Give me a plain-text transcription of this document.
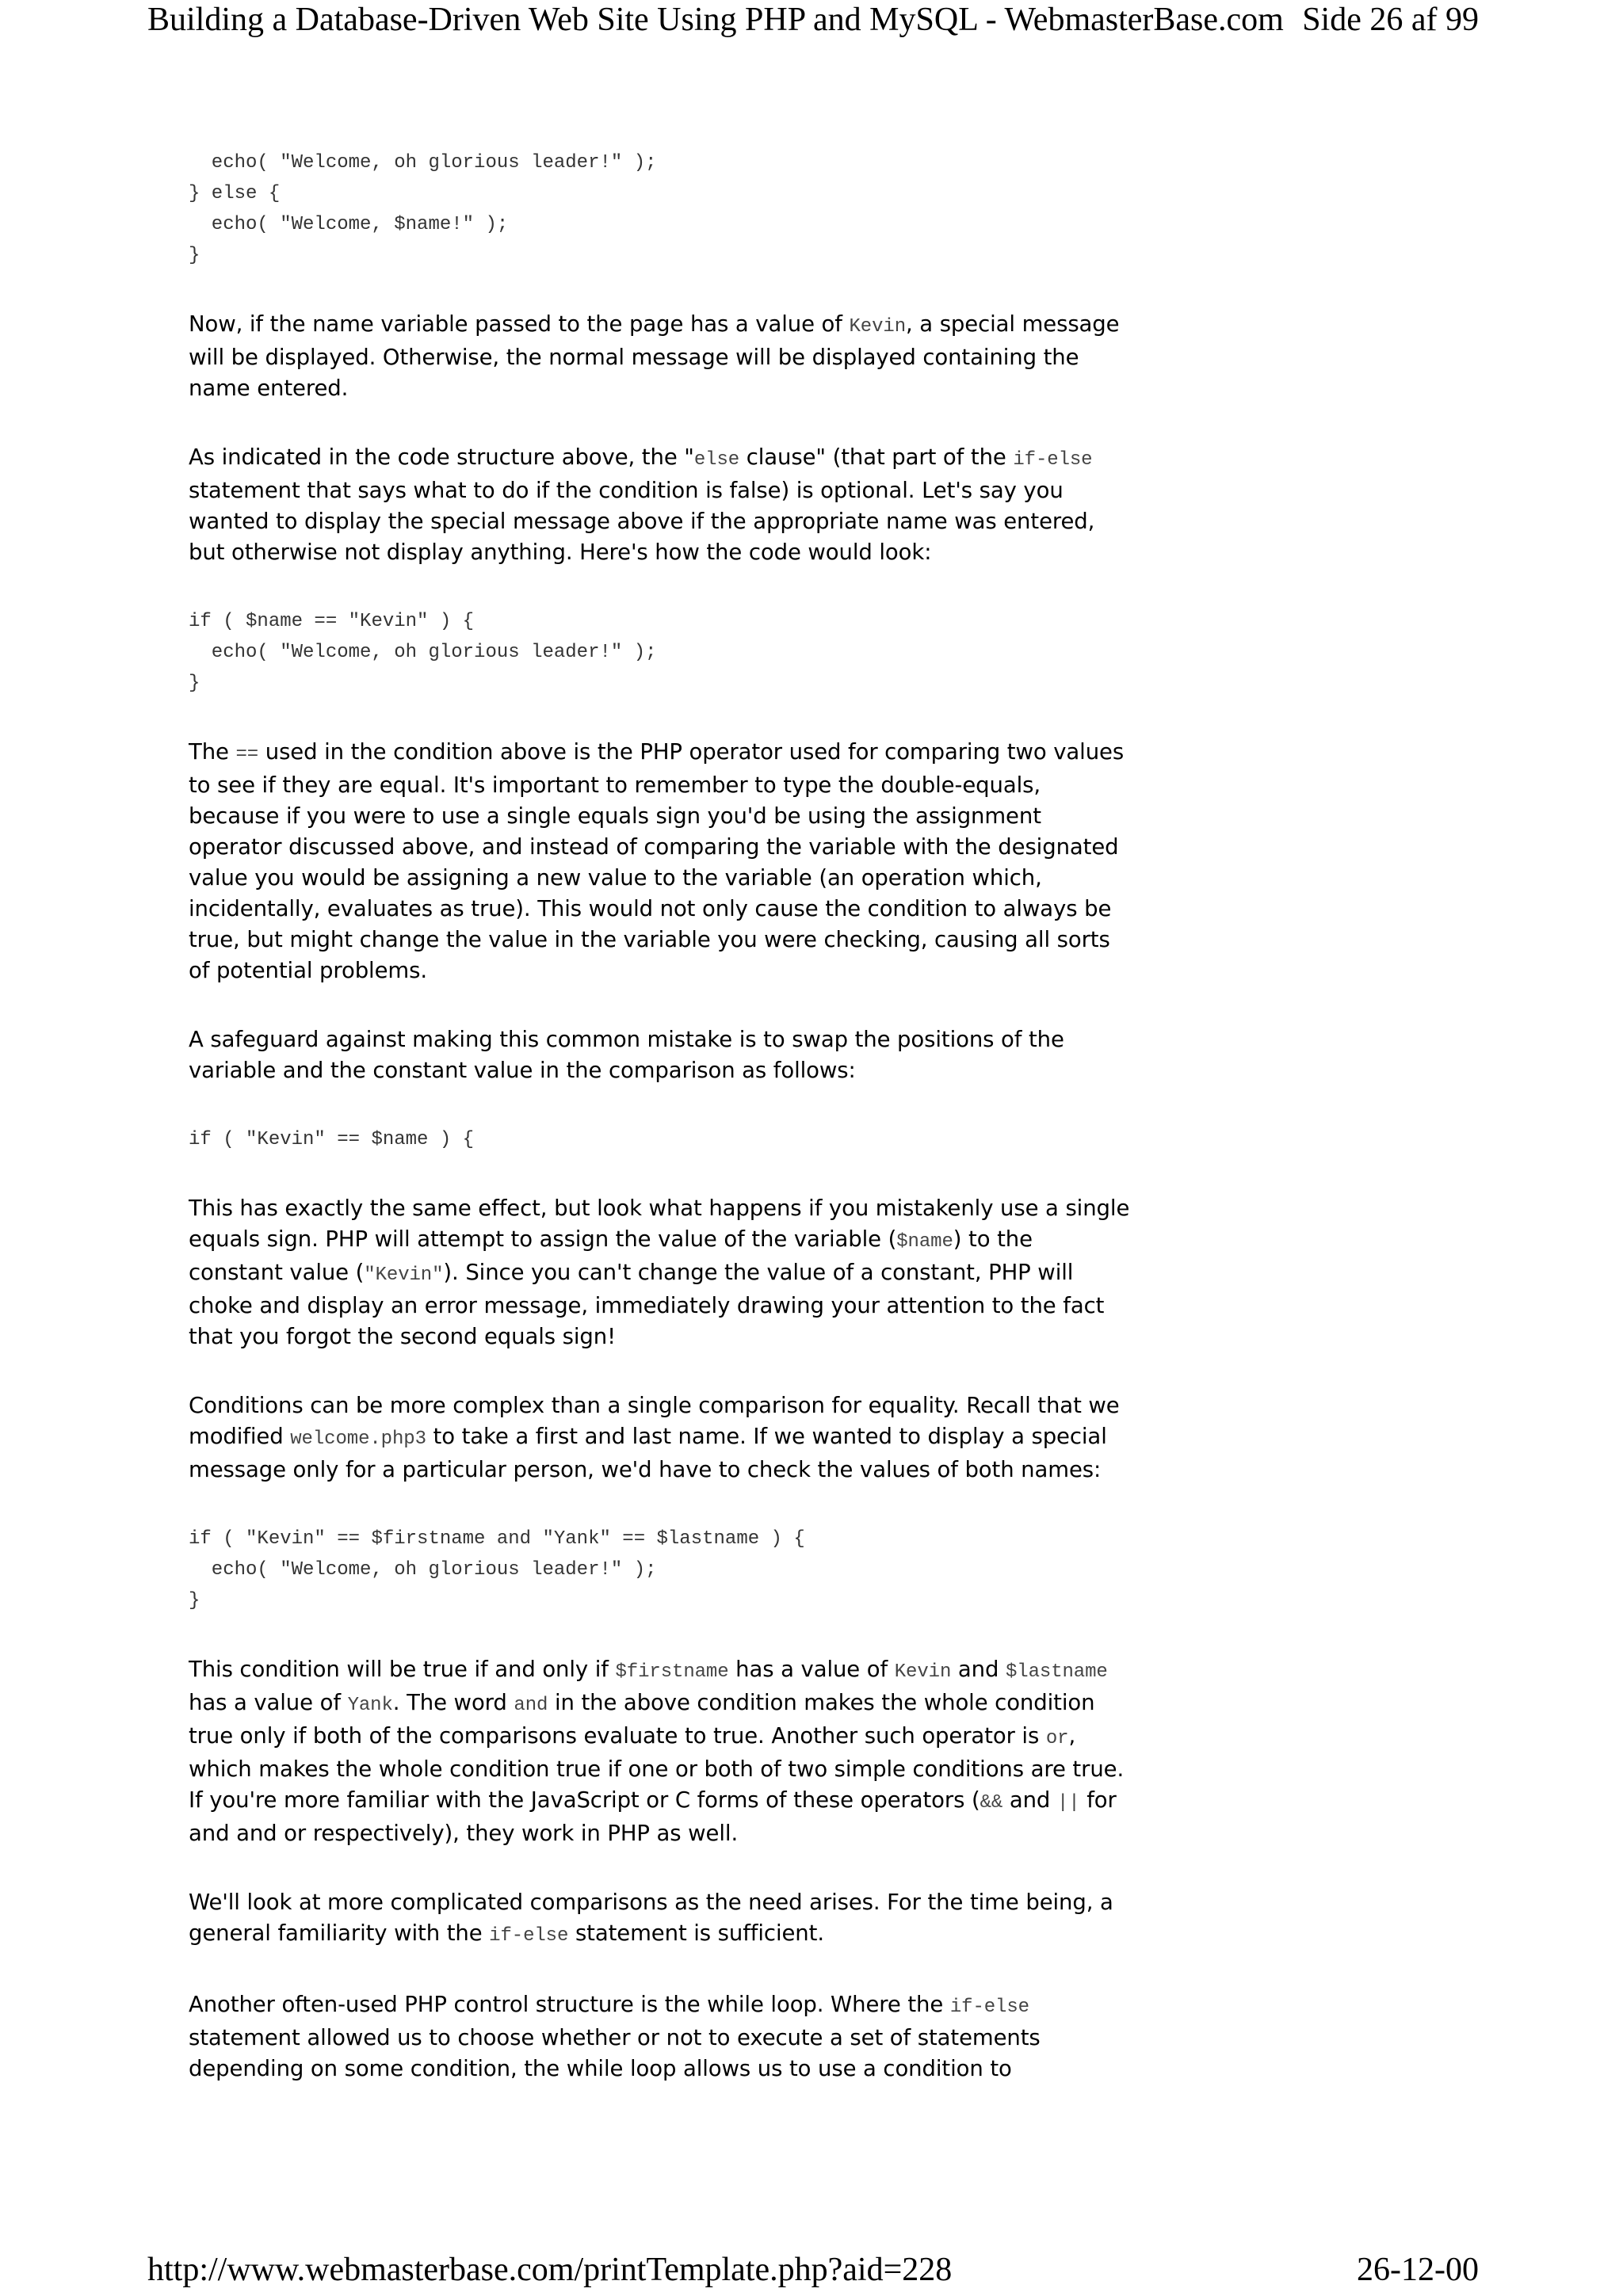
Building a Database-Driven Web Site Using PHP and MySQL - WebmasterBase.com Side 26 af 99
echo( "Welcome, oh glorious leader!" );
} else {
echo( "Welcome, $name!" );
}

Now, if the name variable passed to the page has a value of Kevin, a special message will be displayed. Otherwise, the normal message will be displayed containing the name entered.

As indicated in the code structure above, the "else clause" (that part of the if-else statement that says what to do if the condition is false) is optional. Let's say you wanted to display the special message above if the appropriate name was entered, but otherwise not display anything. Here's how the code would look:

if ( $name == "Kevin" ) {
echo( "Welcome, oh glorious leader!" );
}

The == used in the condition above is the PHP operator used for comparing two values to see if they are equal. It's important to remember to type the double-equals, because if you were to use a single equals sign you'd be using the assignment operator discussed above, and instead of comparing the variable with the designated value you would be assigning a new value to the variable (an operation which, incidentally, evaluates as true). This would not only cause the condition to always be true, but might change the value in the variable you were checking, causing all sorts of potential problems.

A safeguard against making this common mistake is to swap the positions of the variable and the constant value in the comparison as follows:

if ( "Kevin" == $name ) {

This has exactly the same effect, but look what happens if you mistakenly use a single equals sign. PHP will attempt to assign the value of the variable ($name) to the constant value ("Kevin"). Since you can't change the value of a constant, PHP will choke and display an error message, immediately drawing your attention to the fact that you forgot the second equals sign!

Conditions can be more complex than a single comparison for equality. Recall that we modified welcome.php3 to take a first and last name. If we wanted to display a special message only for a particular person, we'd have to check the values of both names:

if ( "Kevin" == $firstname and "Yank" == $lastname ) {
echo( "Welcome, oh glorious leader!" );
}

This condition will be true if and only if $firstname has a value of Kevin and $lastname has a value of Yank. The word and in the above condition makes the whole condition true only if both of the comparisons evaluate to true. Another such operator is or, which makes the whole condition true if one or both of two simple conditions are true. If you're more familiar with the JavaScript or C forms of these operators (&& and || for and and or respectively), they work in PHP as well.

We'll look at more complicated comparisons as the need arises. For the time being, a general familiarity with the if-else statement is sufficient.

Another often-used PHP control structure is the while loop. Where the if-else statement allowed us to choose whether or not to execute a set of statements depending on some condition, the while loop allows us to use a condition to

http://www.webmasterbase.com/printTemplate.php?aid=228	26-12-00
